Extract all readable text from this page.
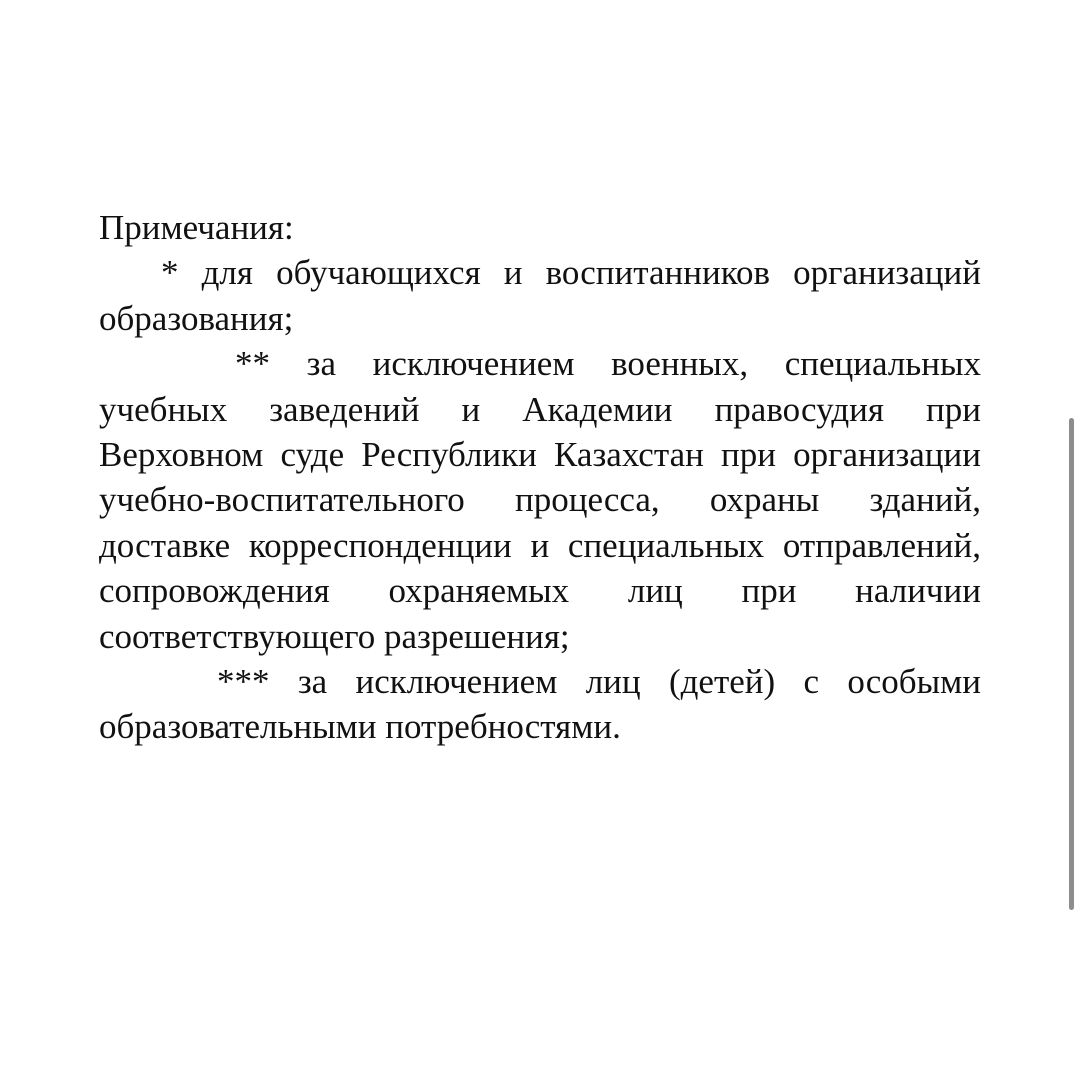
Примечания:

* для обучающихся и воспитанников организаций образования;

** за исключением военных, специальных учебных заведений и Академии правосудия при Верховном суде Республики Казахстан при организации учебно-воспитательного процесса, охраны зданий, доставке корреспонденции и специальных отправлений, сопровождения охраняемых лиц при наличии соответствующего разрешения;

*** за исключением лиц (детей) с особыми образовательными потребностями.
